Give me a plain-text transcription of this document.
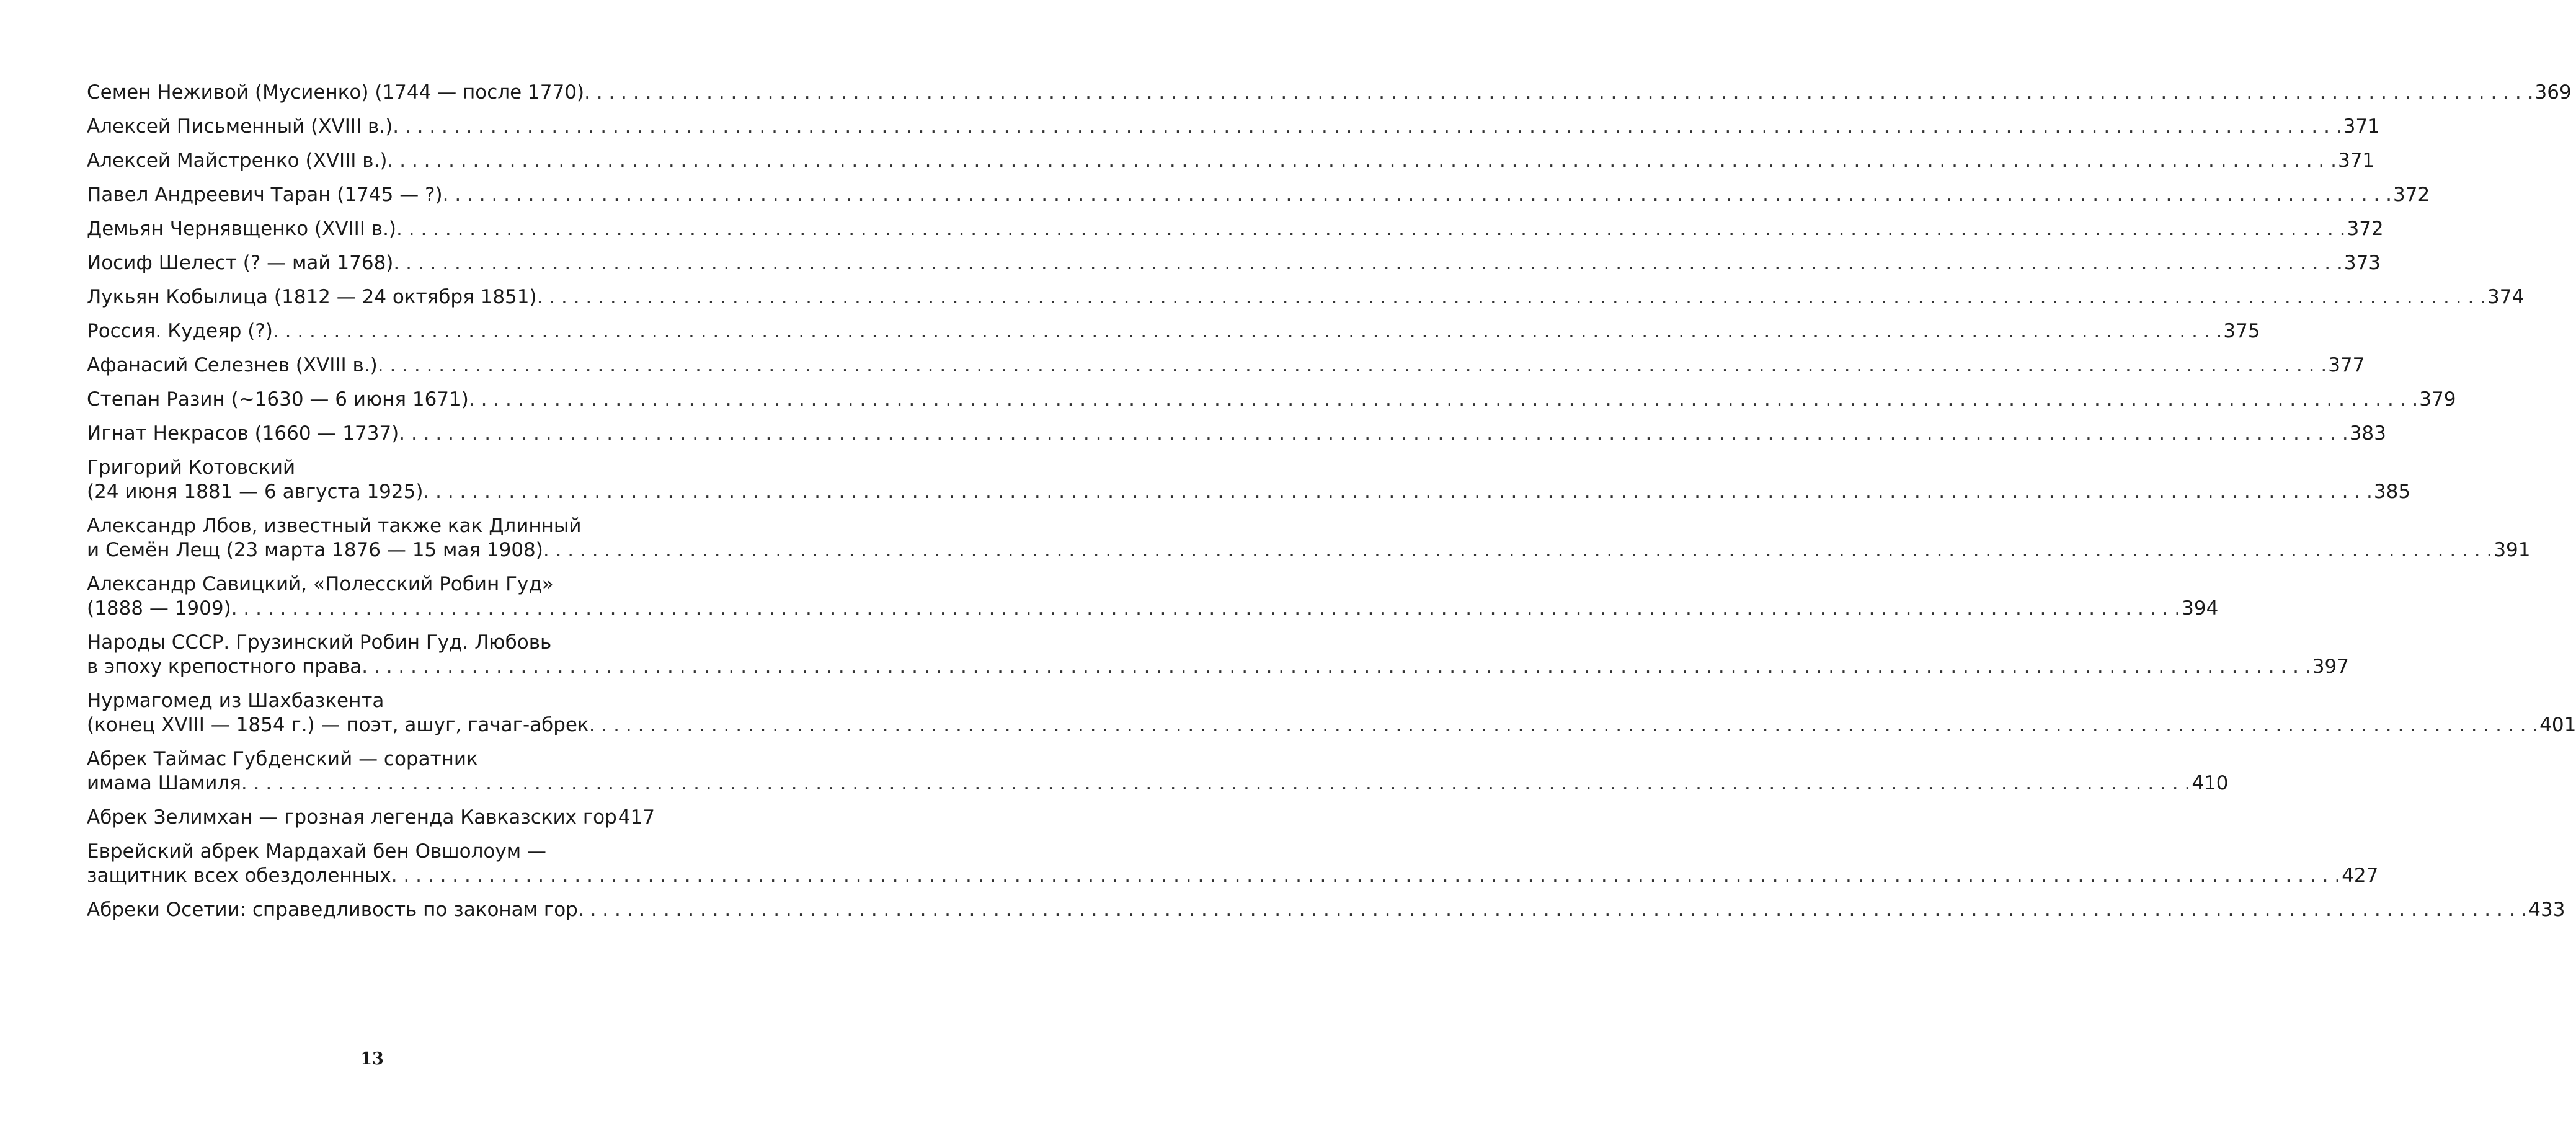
Семен Неживой (Мусиенко) (1744 — после 1770) . . .	369
Алексей Письменный (XVIII в.) . . .	371
Алексей Майстренко (XVIII в.) . . .	371
Павел Андреевич Таран (1745 — ?) . . .	372
Демьян Чернявщенко (XVIII в.) . . .	372
Иосиф Шелест (? — май 1768) . . .	373
Лукьян Кобылица (1812 — 24 октября 1851) . . .	374
Россия. Кудеяр (?) . . .	375
Афанасий Селезнев (XVIII в.) . . .	377
Степан Разин (~1630 — 6 июня 1671) . . .	379
Игнат Некрасов (1660 — 1737) . . .	383
Григорий Котовский
(24 июня 1881 — 6 августа 1925) . . .	385
Александр Лбов, известный также как Длинный
и Семён Лещ (23 марта 1876 — 15 мая 1908) . . .	391
Александр Савицкий, «Полесский Робин Гуд»
(1888 — 1909) . . .	394
Народы СССР. Грузинский Робин Гуд. Любовь
в эпоху крепостного права . . .	397
Нурмагомед из Шахбазкента
(конец XVIII — 1854 г.) — поэт, ашуг, гачаг-абрек . . .	401
Абрек Таймас Губденский — соратник
имама Шамиля . . .	410
Абрек Зелимхан — грозная легенда Кавказских гор 417
Еврейский абрек Мардахай бен Овшолоум —
защитник всех обездоленных . . .	427
Абреки Осетии: справедливость по законам гор . . .	433
13
